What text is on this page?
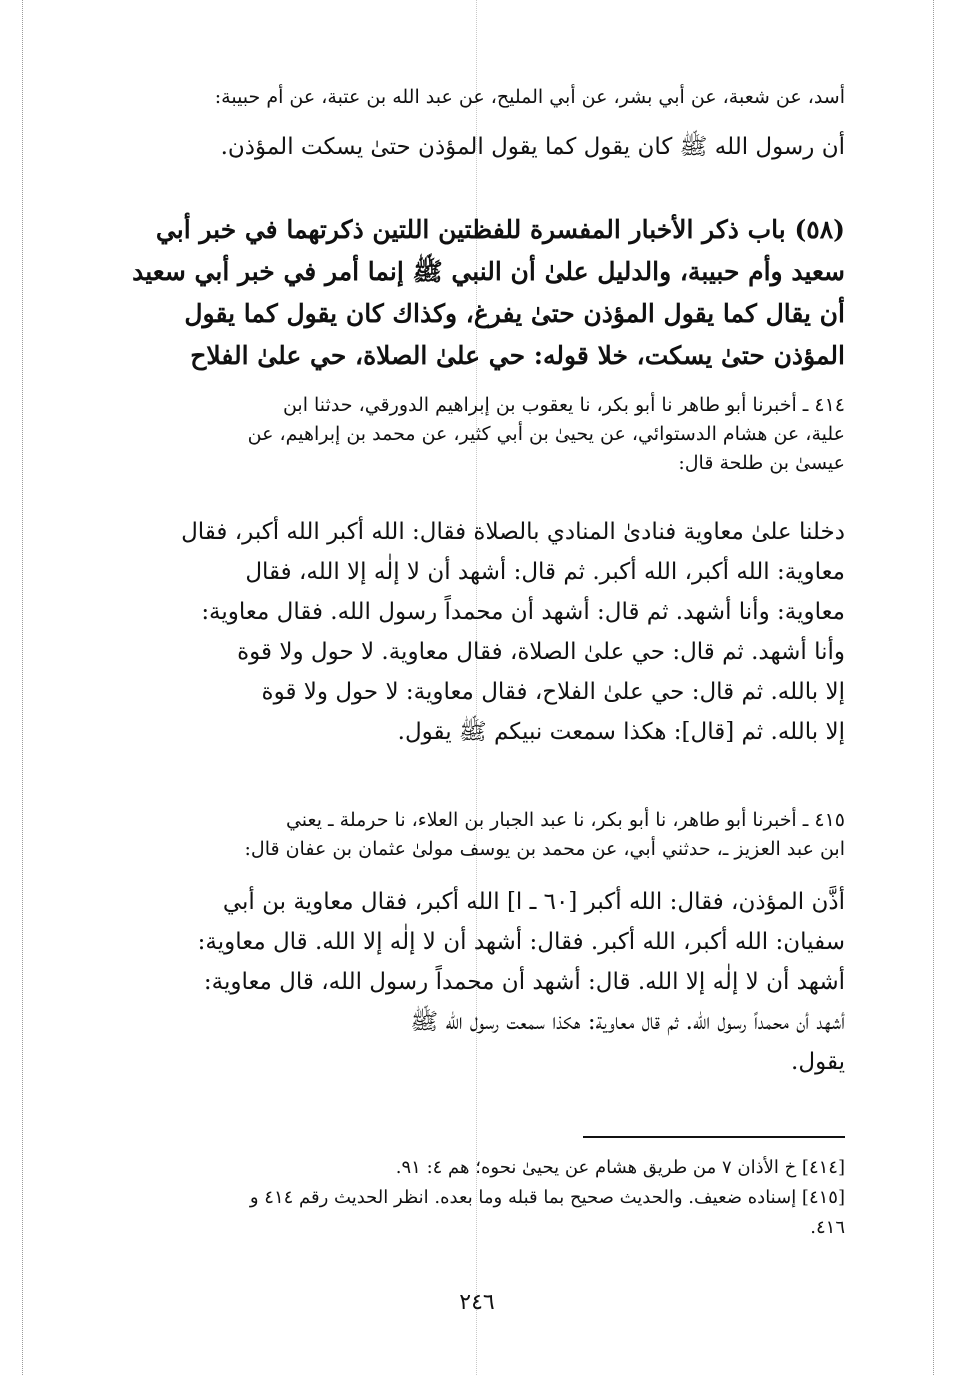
أسد، عن شعبة، عن أبي بشر، عن أبي المليح، عن عبد الله بن عتبة، عن أم حبيبة:

أن رسول الله ﷺ كان يقول كما يقول المؤذن حتىٰ يسكت المؤذن.

(٥٨) باب ذكر الأخبار المفسرة للفظتين اللتين ذكرتهما في خبر أبي
سعيد وأم حبيبة، والدليل علىٰ أن النبي ﷺ إنما أمر في خبر أبي سعيد
أن يقال كما يقول المؤذن حتىٰ يفرغ، وكذاك كان يقول كما يقول
المؤذن حتىٰ يسكت، خلا قوله: حي علىٰ الصلاة، حي علىٰ الفلاح
٤١٤ ـ أخبرنا أبو طاهر نا أبو بكر، نا يعقوب بن إبراهيم الدورقي، حدثنا ابن
علية، عن هشام الدستوائي، عن يحيىٰ بن أبي كثير، عن محمد بن إبراهيم، عن
عيسىٰ بن طلحة قال:
دخلنا علىٰ معاوية فنادىٰ المنادي بالصلاة فقال: الله أكبر الله أكبر، فقال
معاوية: الله أكبر، الله أكبر. ثم قال: أشهد أن لا إلٰه إلا الله، فقال
معاوية: وأنا أشهد. ثم قال: أشهد أن محمداً رسول الله. فقال معاوية:
وأنا أشهد. ثم قال: حي علىٰ الصلاة، فقال معاوية. لا حول ولا قوة
إلا بالله. ثم قال: حي علىٰ الفلاح، فقال معاوية: لا حول ولا قوة
إلا بالله. ثم [قال]: هكذا سمعت نبيكم ﷺ يقول.
٤١٥ ـ أخبرنا أبو طاهر، نا أبو بكر، نا عبد الجبار بن العلاء، نا حرملة ـ يعني
ابن عبد العزيز ـ، حدثني أبي، عن محمد بن يوسف مولىٰ عثمان بن عفان قال:
أذَّن المؤذن، فقال: الله أكبر [٦٠ ـ ا] الله أكبر، فقال معاوية بن أبي
سفيان: الله أكبر، الله أكبر. فقال: أشهد أن لا إلٰه إلا الله. قال معاوية:
أشهد أن لا إلٰه إلا الله. قال: أشهد أن محمداً رسول الله، قال معاوية:
أشهد أن محمداً رسول الله. ثم قال معاوية: هكذا سمعت رسول الله ﷺ
يقول.
[٤١٤] خ الأذان ٧ من طريق هشام عن يحيىٰ نحوه؛ هم ٤: ٩١.
[٤١٥] إسناده ضعيف. والحديث صحيح بما قبله وما بعده. انظر الحديث رقم ٤١٤ و
٤١٦.
٢٤٦
